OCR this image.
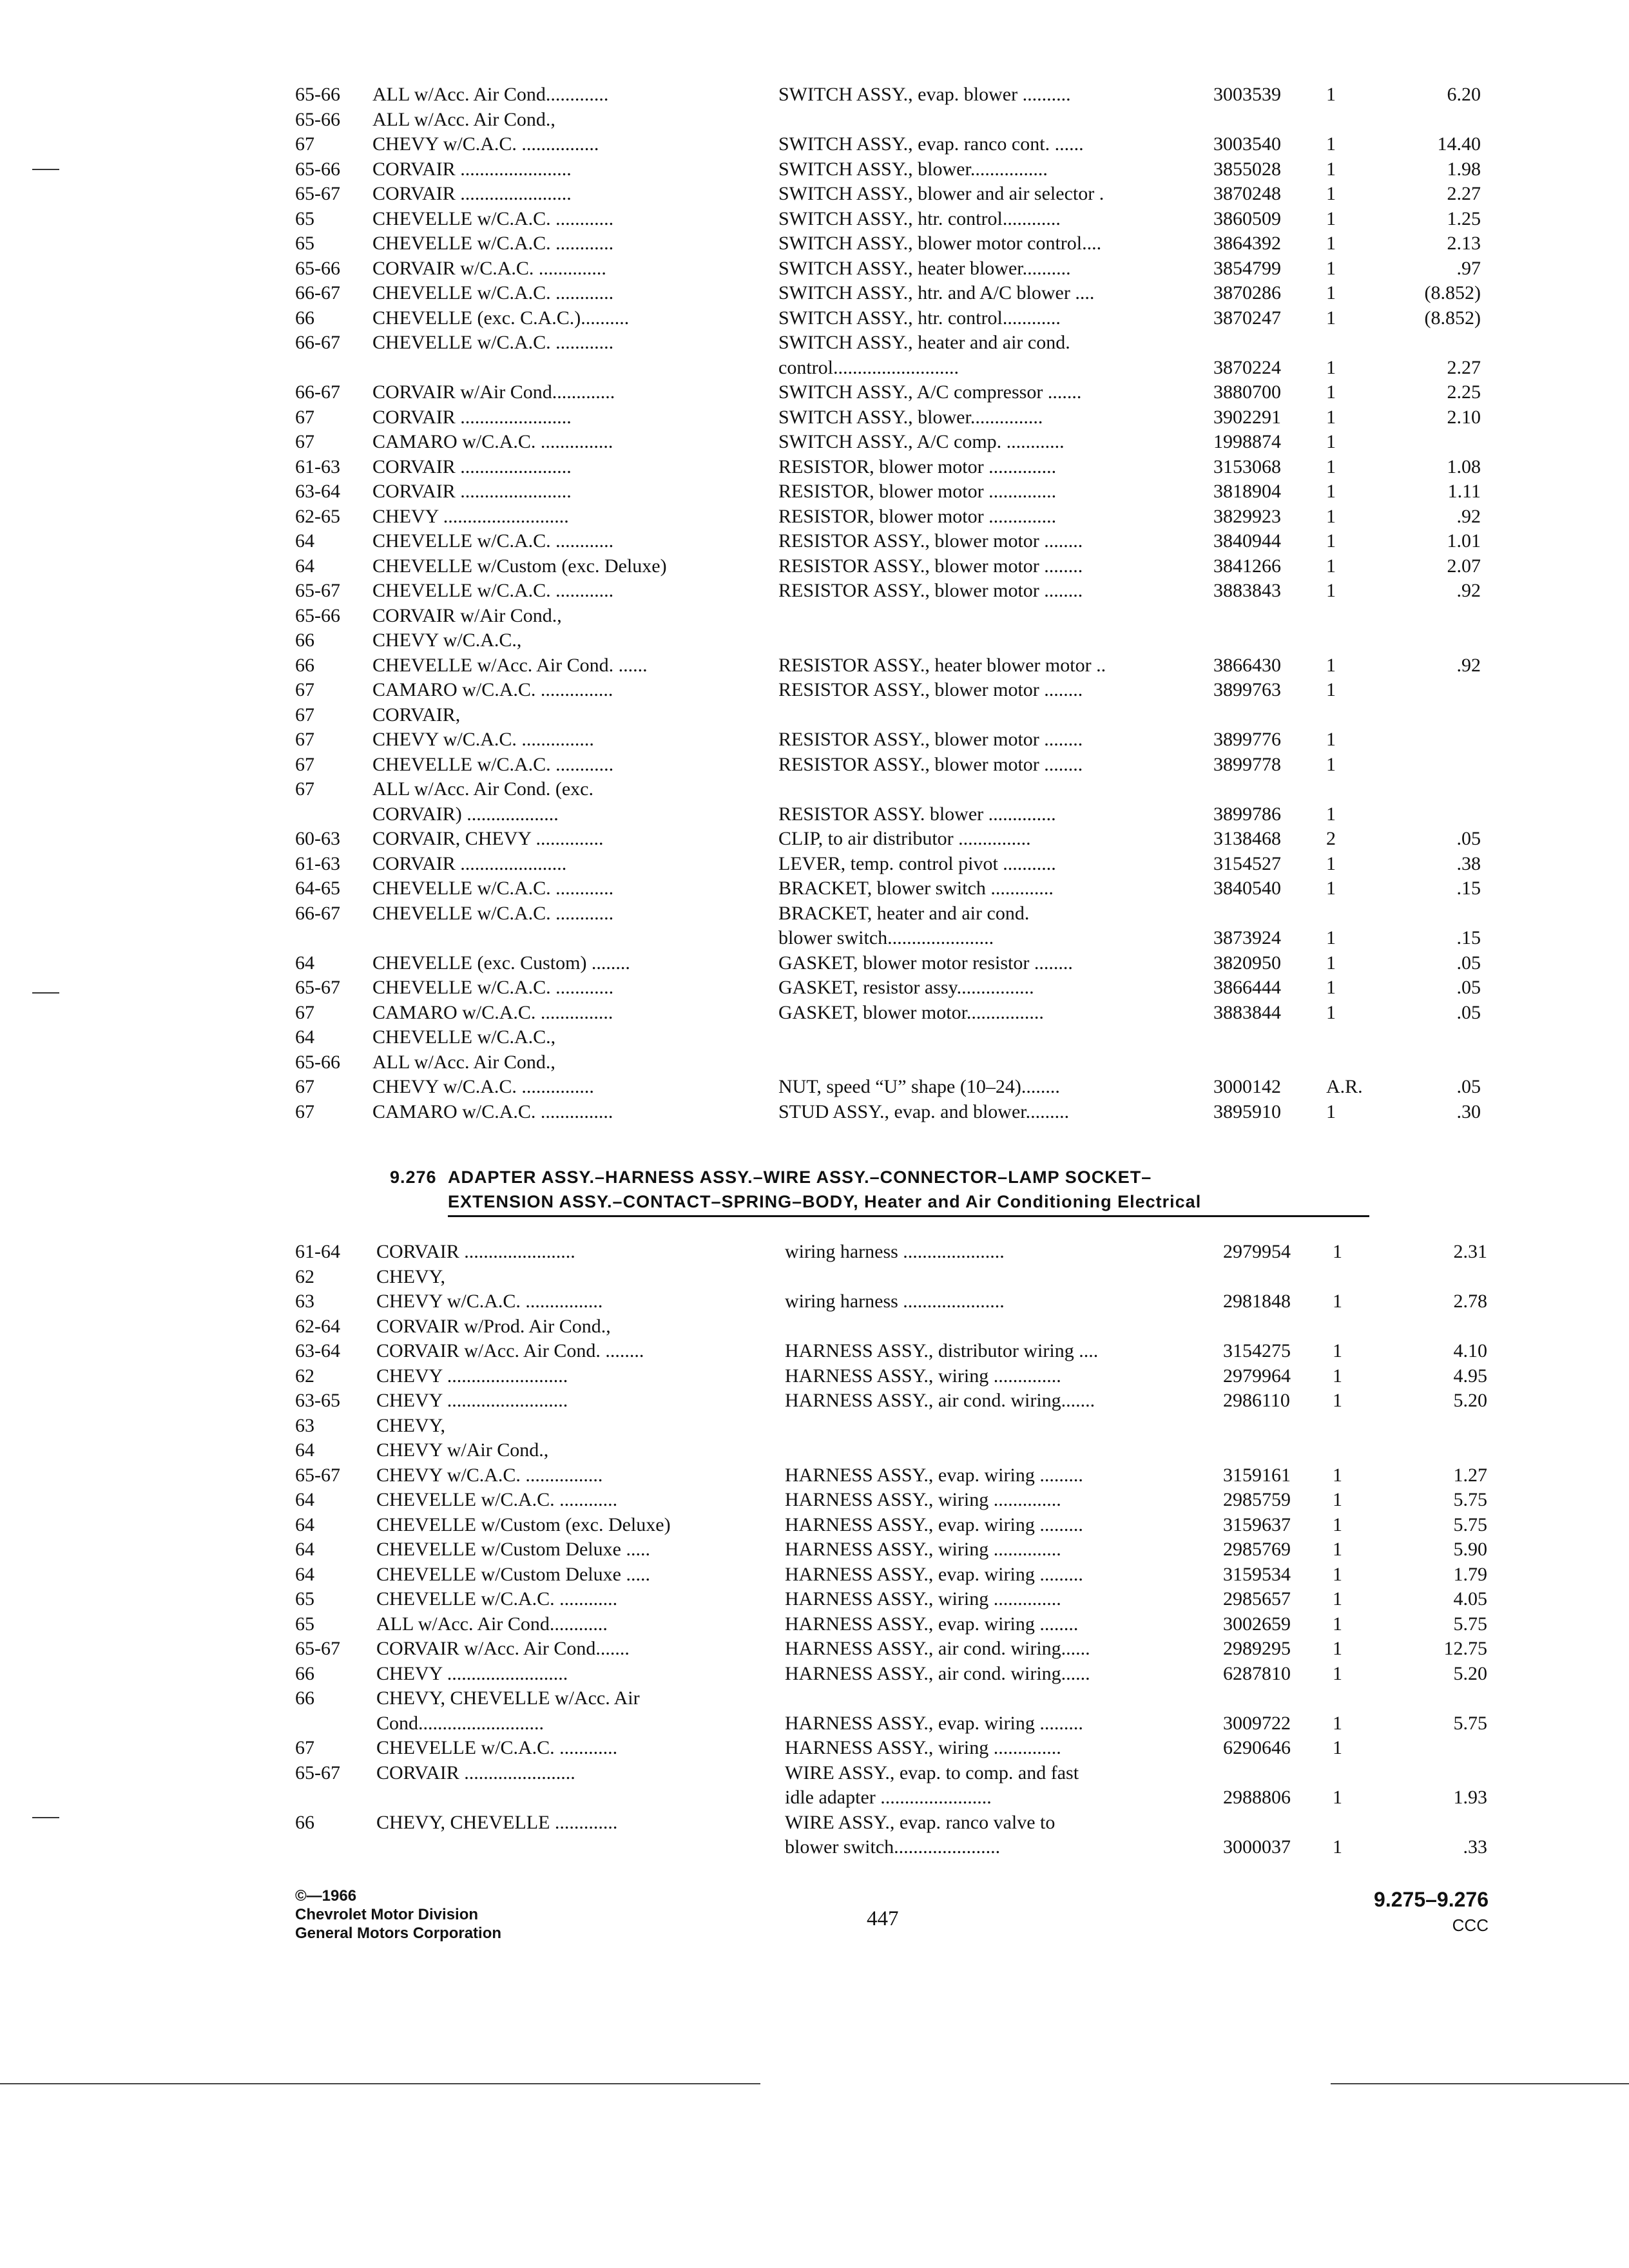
65-66	ALL w/Acc. Air Cond.............	SWITCH ASSY., evap. blower ..........	3003539	1	6.20
65-66	ALL w/Acc. Air Cond.,
67	CHEVY w/C.A.C. ................	SWITCH ASSY., evap. ranco cont. ......	3003540	1	14.40
65-66	CORVAIR .......................	SWITCH ASSY., blower................	3855028	1	1.98
65-67	CORVAIR .......................	SWITCH ASSY., blower and air selector .	3870248	1	2.27
65	CHEVELLE w/C.A.C. ............	SWITCH ASSY., htr. control............	3860509	1	1.25
65	CHEVELLE w/C.A.C. ............	SWITCH ASSY., blower motor control....	3864392	1	2.13
65-66	CORVAIR w/C.A.C. ..............	SWITCH ASSY., heater blower..........	3854799	1	.97
66-67	CHEVELLE w/C.A.C. ............	SWITCH ASSY., htr. and A/C blower ....	3870286	1	(8.852)
66	CHEVELLE (exc. C.A.C.)..........	SWITCH ASSY., htr. control............	3870247	1	(8.852)
66-67	CHEVELLE w/C.A.C. ............	SWITCH ASSY., heater and air cond.
control..........................	3870224	1	2.27
66-67	CORVAIR w/Air Cond.............	SWITCH ASSY., A/C compressor .......	3880700	1	2.25
67	CORVAIR .......................	SWITCH ASSY., blower...............	3902291	1	2.10
67	CAMARO w/C.A.C. ...............	SWITCH ASSY., A/C comp. ............	1998874	1
61-63	CORVAIR .......................	RESISTOR, blower motor ..............	3153068	1	1.08
63-64	CORVAIR .......................	RESISTOR, blower motor ..............	3818904	1	1.11
62-65	CHEVY ..........................	RESISTOR, blower motor ..............	3829923	1	.92
64	CHEVELLE w/C.A.C. ............	RESISTOR ASSY., blower motor ........	3840944	1	1.01
64	CHEVELLE w/Custom (exc. Deluxe)	RESISTOR ASSY., blower motor ........	3841266	1	2.07
65-67	CHEVELLE w/C.A.C. ............	RESISTOR ASSY., blower motor ........	3883843	1	.92
65-66	CORVAIR w/Air Cond.,
66	CHEVY w/C.A.C.,
66	CHEVELLE w/Acc. Air Cond. ......	RESISTOR ASSY., heater blower motor ..	3866430	1	.92
67	CAMARO w/C.A.C. ...............	RESISTOR ASSY., blower motor ........	3899763	1
67	CORVAIR,
67	CHEVY w/C.A.C. ...............	RESISTOR ASSY., blower motor ........	3899776	1
67	CHEVELLE w/C.A.C. ............	RESISTOR ASSY., blower motor ........	3899778	1
67	ALL w/Acc. Air Cond. (exc.
CORVAIR) ...................	RESISTOR ASSY. blower ..............	3899786	1
60-63	CORVAIR, CHEVY ..............	CLIP, to air distributor ...............	3138468	2	.05
61-63	CORVAIR ......................	LEVER, temp. control pivot ...........	3154527	1	.38
64-65	CHEVELLE w/C.A.C. ............	BRACKET, blower switch .............	3840540	1	.15
66-67	CHEVELLE w/C.A.C. ............	BRACKET, heater and air cond.
blower switch......................	3873924	1	.15
64	CHEVELLE (exc. Custom) ........	GASKET, blower motor resistor ........	3820950	1	.05
65-67	CHEVELLE w/C.A.C. ............	GASKET, resistor assy................	3866444	1	.05
67	CAMARO w/C.A.C. ...............	GASKET, blower motor................	3883844	1	.05
64	CHEVELLE w/C.A.C.,
65-66	ALL w/Acc. Air Cond.,
67	CHEVY w/C.A.C. ...............	NUT, speed “U” shape (10–24)........	3000142	A.R.	.05
67	CAMARO w/C.A.C. ...............	STUD ASSY., evap. and blower.........	3895910	1	.30
9.276 ADAPTER ASSY.–HARNESS ASSY.–WIRE ASSY.–CONNECTOR–LAMP SOCKET–
EXTENSION ASSY.–CONTACT–SPRING–BODY, Heater and Air Conditioning Electrical
61-64	CORVAIR .......................	wiring harness .....................	2979954	1	2.31
62	CHEVY,
63	CHEVY w/C.A.C. ................	wiring harness .....................	2981848	1	2.78
62-64	CORVAIR w/Prod. Air Cond.,
63-64	CORVAIR w/Acc. Air Cond. ........	HARNESS ASSY., distributor wiring ....	3154275	1	4.10
62	CHEVY .........................	HARNESS ASSY., wiring ..............	2979964	1	4.95
63-65	CHEVY .........................	HARNESS ASSY., air cond. wiring.......	2986110	1	5.20
63	CHEVY,
64	CHEVY w/Air Cond.,
65-67	CHEVY w/C.A.C. ................	HARNESS ASSY., evap. wiring .........	3159161	1	1.27
64	CHEVELLE w/C.A.C. ............	HARNESS ASSY., wiring ..............	2985759	1	5.75
64	CHEVELLE w/Custom (exc. Deluxe)	HARNESS ASSY., evap. wiring .........	3159637	1	5.75
64	CHEVELLE w/Custom Deluxe .....	HARNESS ASSY., wiring ..............	2985769	1	5.90
64	CHEVELLE w/Custom Deluxe .....	HARNESS ASSY., evap. wiring .........	3159534	1	1.79
65	CHEVELLE w/C.A.C. ............	HARNESS ASSY., wiring ..............	2985657	1	4.05
65	ALL w/Acc. Air Cond............	HARNESS ASSY., evap. wiring ........	3002659	1	5.75
65-67	CORVAIR w/Acc. Air Cond.......	HARNESS ASSY., air cond. wiring......	2989295	1	12.75
66	CHEVY .........................	HARNESS ASSY., air cond. wiring......	6287810	1	5.20
66	CHEVY, CHEVELLE w/Acc. Air
Cond..........................	HARNESS ASSY., evap. wiring .........	3009722	1	5.75
67	CHEVELLE w/C.A.C. ............	HARNESS ASSY., wiring ..............	6290646	1
65-67	CORVAIR .......................	WIRE ASSY., evap. to comp. and fast
idle adapter .......................	2988806	1	1.93
66	CHEVY, CHEVELLE .............	WIRE ASSY., evap. ranco valve to
blower switch......................	3000037	1	.33
©—1966
Chevrolet Motor Division
General Motors Corporation
447
9.275–9.276
CCC
